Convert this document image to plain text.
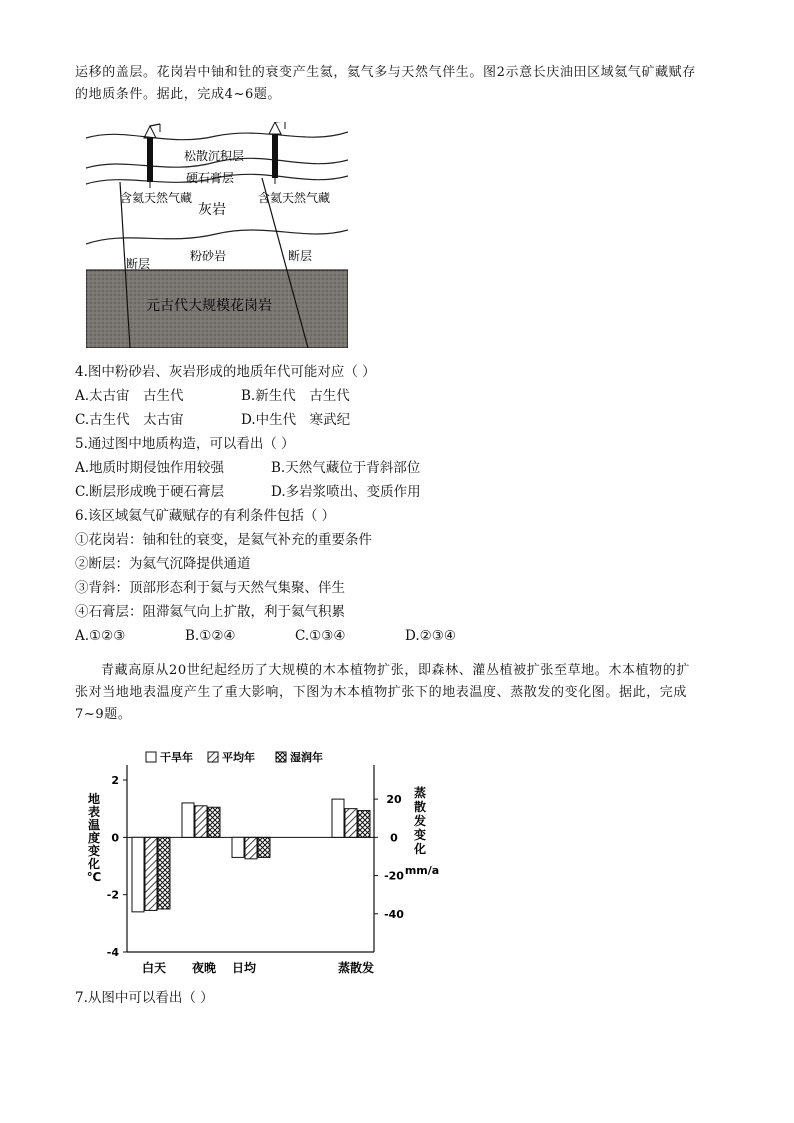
运移的盖层。花岗岩中铀和钍的衰变产生氦，氦气多与天然气伴生。图2示意长庆油田区域氦气矿藏赋存
的地质条件。据此，完成4~6题。
松散沉积层
硬石膏层
含氦天然气藏	含氦天然气藏
灰岩
粉砂岩
断层
断层
元古代大规模花岗岩
4.图中粉砂岩、灰岩形成的地质年代可能对应（ ）
A.太古宙　古生代	B.新生代　古生代
C.古生代　太古宙	D.中生代　寒武纪
5.通过图中地质构造，可以看出（ ）
A.地质时期侵蚀作用较强	B.天然气藏位于背斜部位
C.断层形成晚于硬石膏层	D.多岩浆喷出、变质作用
6.该区域氦气矿藏赋存的有利条件包括（ ）
①花岗岩：铀和钍的衰变，是氦气补充的重要条件
②断层：为氦气沉降提供通道
③背斜：顶部形态利于氦与天然气集聚、伴生
④石膏层：阻滞氦气向上扩散，利于氦气积累
A.①②③	B.①②④	C.①③④	D.②③④
青藏高原从20世纪起经历了大规模的木本植物扩张，即森林、灌丛植被扩张至草地。木本植物的扩
张对当地地表温度产生了重大影响，下图为木本植物扩张下的地表温度、蒸散发的变化图。据此，完成
7~9题。
干旱年	平均年	湿润年
2
0
-2
-4
20
0
-20
-40
地表温度变化℃
蒸散发变化
mm/a
白天 夜晚 日均	蒸散发
7.从图中可以看出（ ）
